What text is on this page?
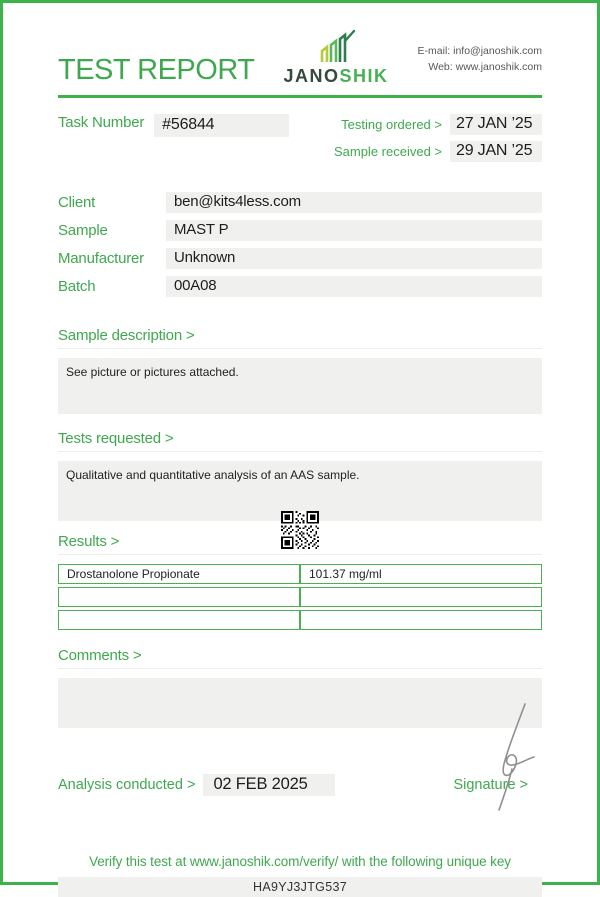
TEST REPORT JANOSHIK
E-mail: info@janoshik.com
Web: www.janoshik.com
Task Number	#56844	Testing ordered > 27 JAN ’25
Sample received > 29 JAN ’25
Client	ben@kits4less.com
Sample	MAST P
Manufacturer	Unknown
Batch	00A08
Sample description >
See picture or pictures attached.
Tests requested >
Qualitative and quantitative analysis of an AAS sample.
Results >
Drostanolone Propionate	101.37 mg/ml

Comments >
Analysis conducted >	02 FEB 2025	Signature >
Verify this test at www.janoshik.com/verify/ with the following unique key
HA9YJ3JTG537
